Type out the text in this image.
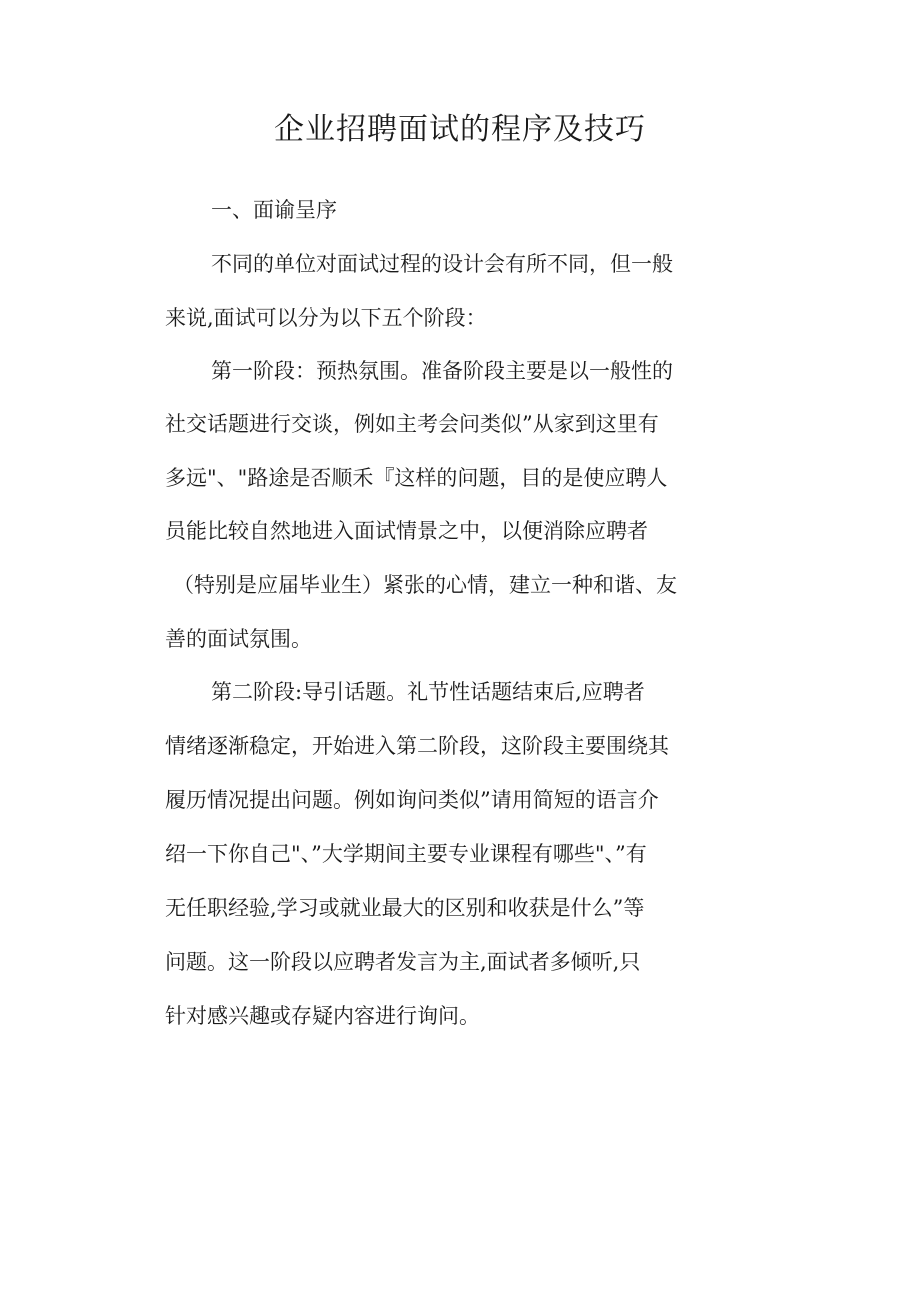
企业招聘面试的程序及技巧

一、面谕呈序

不同的单位对面试过程的设计会有所不同，但一般

来说,面试可以分为以下五个阶段：

第一阶段：预热氛围。准备阶段主要是以一般性的

社交话题进行交谈，例如主考会问类似”从家到这里有

多远"、"路途是否顺禾『这样的问题，目的是使应聘人

员能比较自然地进入面试情景之中，以便消除应聘者

（特别是应届毕业生）紧张的心情，建立一种和谐、友

善的面试氛围。

第二阶段:导引话题。礼节性话题结束后,应聘者

情绪逐渐稳定，开始进入第二阶段，这阶段主要围绕其

履历情况提出问题。例如询问类似”请用简短的语言介

绍一下你自己"、”大学期间主要专业课程有哪些"、”有

无任职经验,学习或就业最大的区别和收获是什么”等

问题。这一阶段以应聘者发言为主,面试者多倾听,只

针对感兴趣或存疑内容进行询问。
